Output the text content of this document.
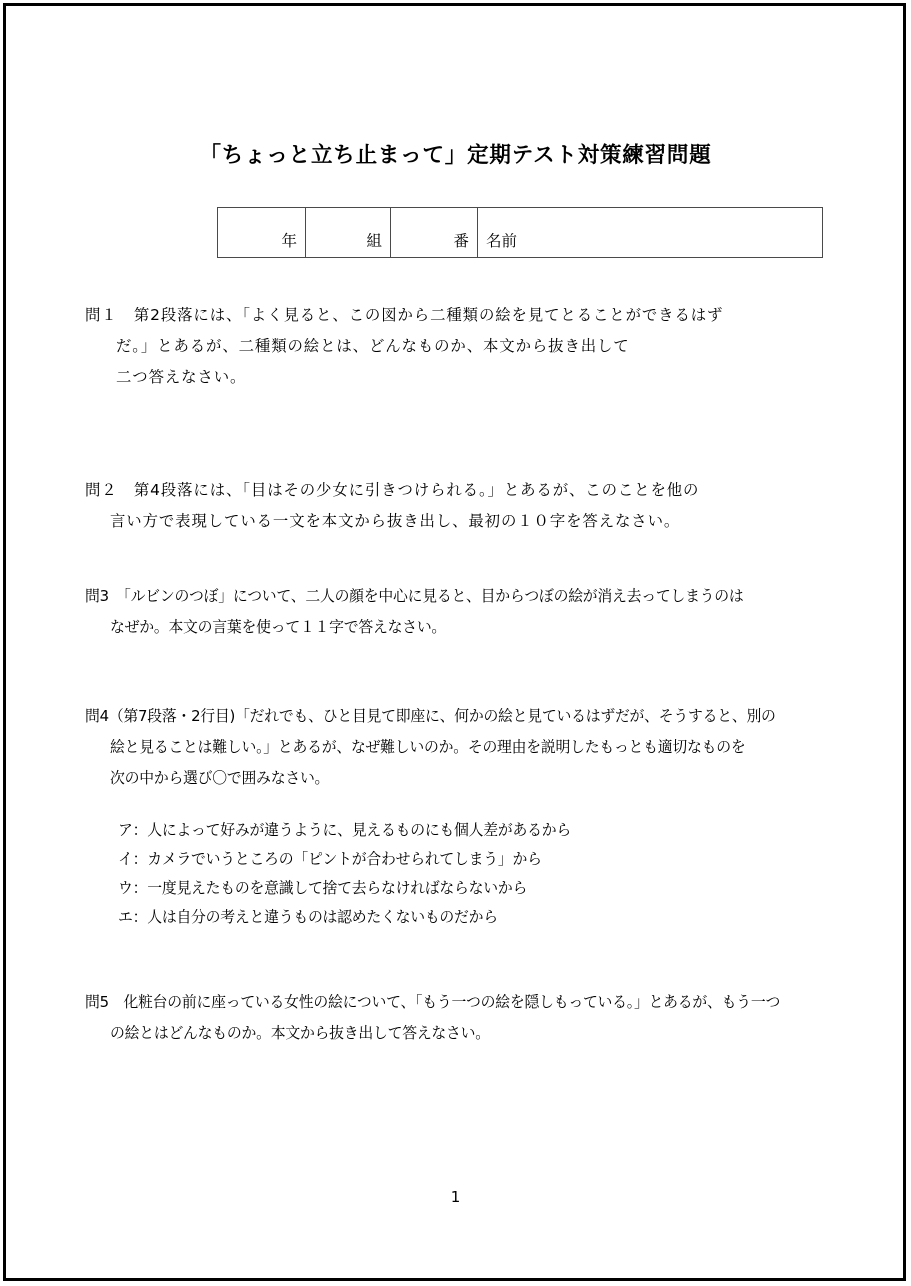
「ちょっと立ち止まって」定期テスト対策練習問題
年	組	番	名前
問１　第2段落には、「よく見ると、この図から二種類の絵を見てとることができるはず
だ。」とあるが、二種類の絵とは、どんなものか、本文から抜き出して
二つ答えなさい。
問２　第4段落には、「目はその少女に引きつけられる。」とあるが、このことを他の
言い方で表現している一文を本文から抜き出し、最初の１０字を答えなさい。
問3　「ルビンのつぼ」について、二人の顔を中心に見ると、目からつぼの絵が消え去ってしまうのは
なぜか。本文の言葉を使って１１字で答えなさい。
問4（第7段落・2行目)「だれでも、ひと目見て即座に、何かの絵と見ているはずだが、そうすると、別の
絵と見ることは難しい。」とあるが、なぜ難しいのか。その理由を説明したもっとも適切なものを
次の中から選び〇で囲みなさい。
ア：人によって好みが違うように、見えるものにも個人差があるから
イ：カメラでいうところの「ピントが合わせられてしまう」から
ウ：一度見えたものを意識して捨て去らなければならないから
エ：人は自分の考えと違うものは認めたくないものだから
問5　化粧台の前に座っている女性の絵について、「もう一つの絵を隠しもっている。」とあるが、もう一つ
の絵とはどんなものか。本文から抜き出して答えなさい。
1
